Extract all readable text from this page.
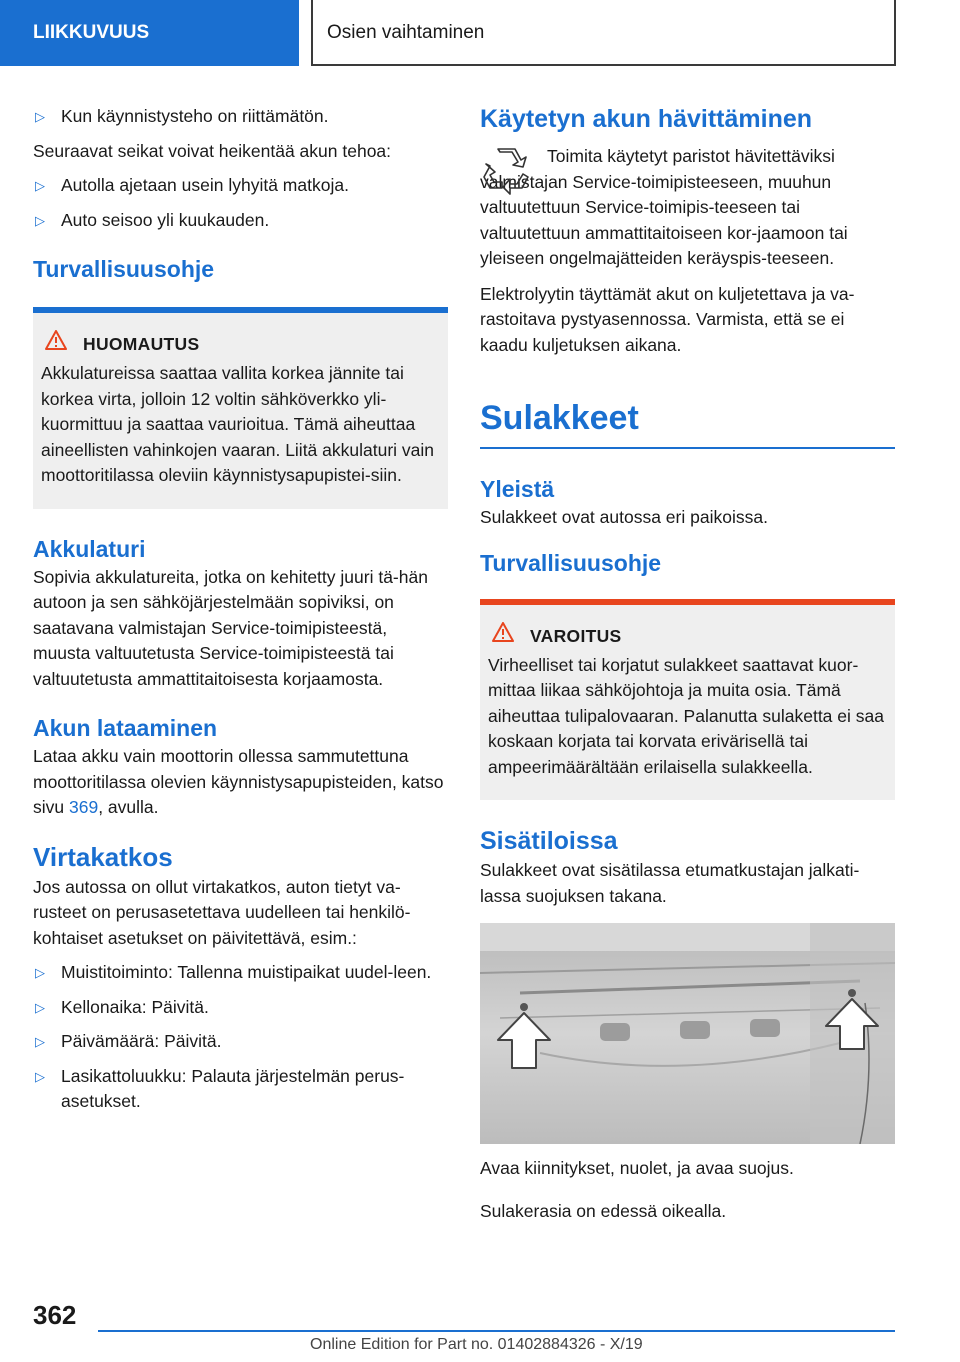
LIIKKUVUUS	Osien vaihtaminen
▷ Kun käynnistysteho on riittämätön.

Seuraavat seikat voivat heikentää akun tehoa:

▷ Autolla ajetaan usein lyhyitä matkoja.
▷ Auto seisoo yli kuukauden.
Turvallisuusohje
HUOMAUTUS

Akkulatureissa saattaa vallita korkea jännite tai korkea virta, jolloin 12 voltin sähköverkko yli-kuormittuu ja saattaa vaurioitua. Tämä aiheuttaa aineellisten vahinkojen vaaran. Liitä akkulaturi vain moottoritilassa oleviin käynnistysapupistei-siin.

Akkulaturi

Sopivia akkulatureita, jotka on kehitetty juuri tä-hän autoon ja sen sähköjärjestelmään sopiviksi, on saatavana valmistajan Service-toimipisteestä, muusta valtuutetusta Service-toimipisteestä tai valtuutetusta ammattitaitoisesta korjaamosta.

Akun lataaminen

Lataa akku vain moottorin ollessa sammutettuna moottoritilassa olevien käynnistysapupisteiden, katso sivu 369, avulla.

Virtakatkos

Jos autossa on ollut virtakatkos, auton tietyt va-rusteet on perusasetettava uudelleen tai henkilö-kohtaiset asetukset on päivitettävä, esim.:

▷ Muistitoiminto: Tallenna muistipaikat uudel-leen.
▷ Kellonaika: Päivitä.
▷ Päivämäärä: Päivitä.
▷ Lasikattoluukku: Palauta järjestelmän perus-asetukset.
Käytetyn akun hävittäminen

Toimita käytetyt paristot hävitettäviksi valmistajan Service-toimipisteeseen, muuhun valtuutettuun Service-toimipis-teeseen tai valtuutettuun ammattitaitoiseen kor-jaamoon tai yleiseen ongelmajätteiden keräyspis-teeseen.

Elektrolyytin täyttämät akut on kuljetettava ja va-rastoitava pystyasennossa. Varmista, että se ei kaadu kuljetuksen aikana.

Sulakkeet
Yleistä

Sulakkeet ovat autossa eri paikoissa.

Turvallisuusohje
VAROITUS

Virheelliset tai korjatut sulakkeet saattavat kuor-mittaa liikaa sähköjohtoja ja muita osia. Tämä aiheuttaa tulipalovaaran. Palanutta sulaketta ei saa koskaan korjata tai korvata erivärisellä tai ampeerimäärältään erilaisella sulakkeella.

Sisätiloissa

Sulakkeet ovat sisätilassa etumatkustajan jalkati-lassa suojuksen takana.

Avaa kiinnitykset, nuolet, ja avaa suojus.

Sulakerasia on edessä oikealla.

362
Online Edition for Part no. 01402884326 - X/19
